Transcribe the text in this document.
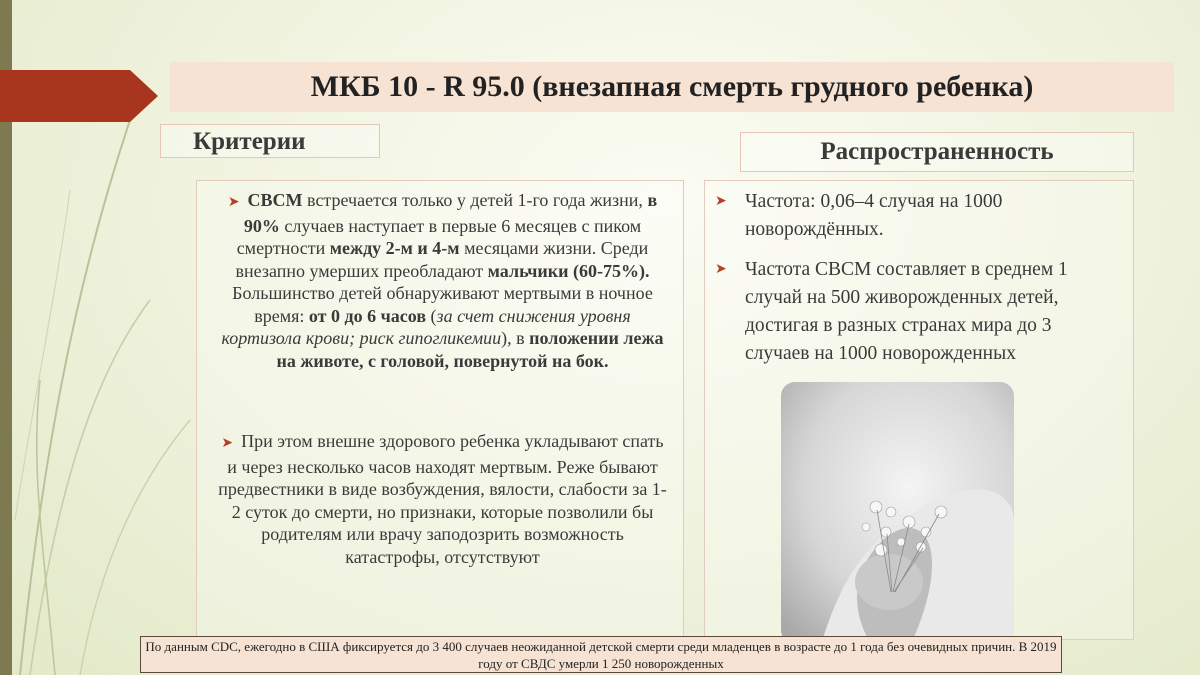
МКБ 10 - R 95.0 (внезапная смерть грудного ребенка)
Критерии	Распространенность
➤ СВСМ встречается только у детей 1-го года жизни, в 90% случаев наступает в первые 6 месяцев с пиком смертности между 2-м и 4-м месяцами жизни. Среди внезапно умерших преобладают мальчики (60-75%). Большинство детей обнаруживают мертвыми в ночное время: от 0 до 6 часов (за счет снижения уровня кортизола крови; риск гипогликемии), в положении лежа на животе, с головой, повернутой на бок.
➤ При этом внешне здорового ребенка укладывают спать и через несколько часов находят мертвым. Реже бывают предвестники в виде возбуждения, вялости, слабости за 1-2 суток до смерти, но признаки, которые позволили бы родителям или врачу заподозрить возможность катастрофы, отсутствуют
➤ Частота: 0,06–4 случая на 1000 новорождённых.
➤ Частота СВСМ составляет в среднем 1 случай на 500 живорожденных детей, достигая в разных странах мира до 3 случаев на 1000 новорожденных
По данным CDC, ежегодно в США фиксируется до 3 400 случаев неожиданной детской смерти среди младенцев в возрасте до 1 года без очевидных причин. В 2019 году от СВДС умерли 1 250 новорожденных
